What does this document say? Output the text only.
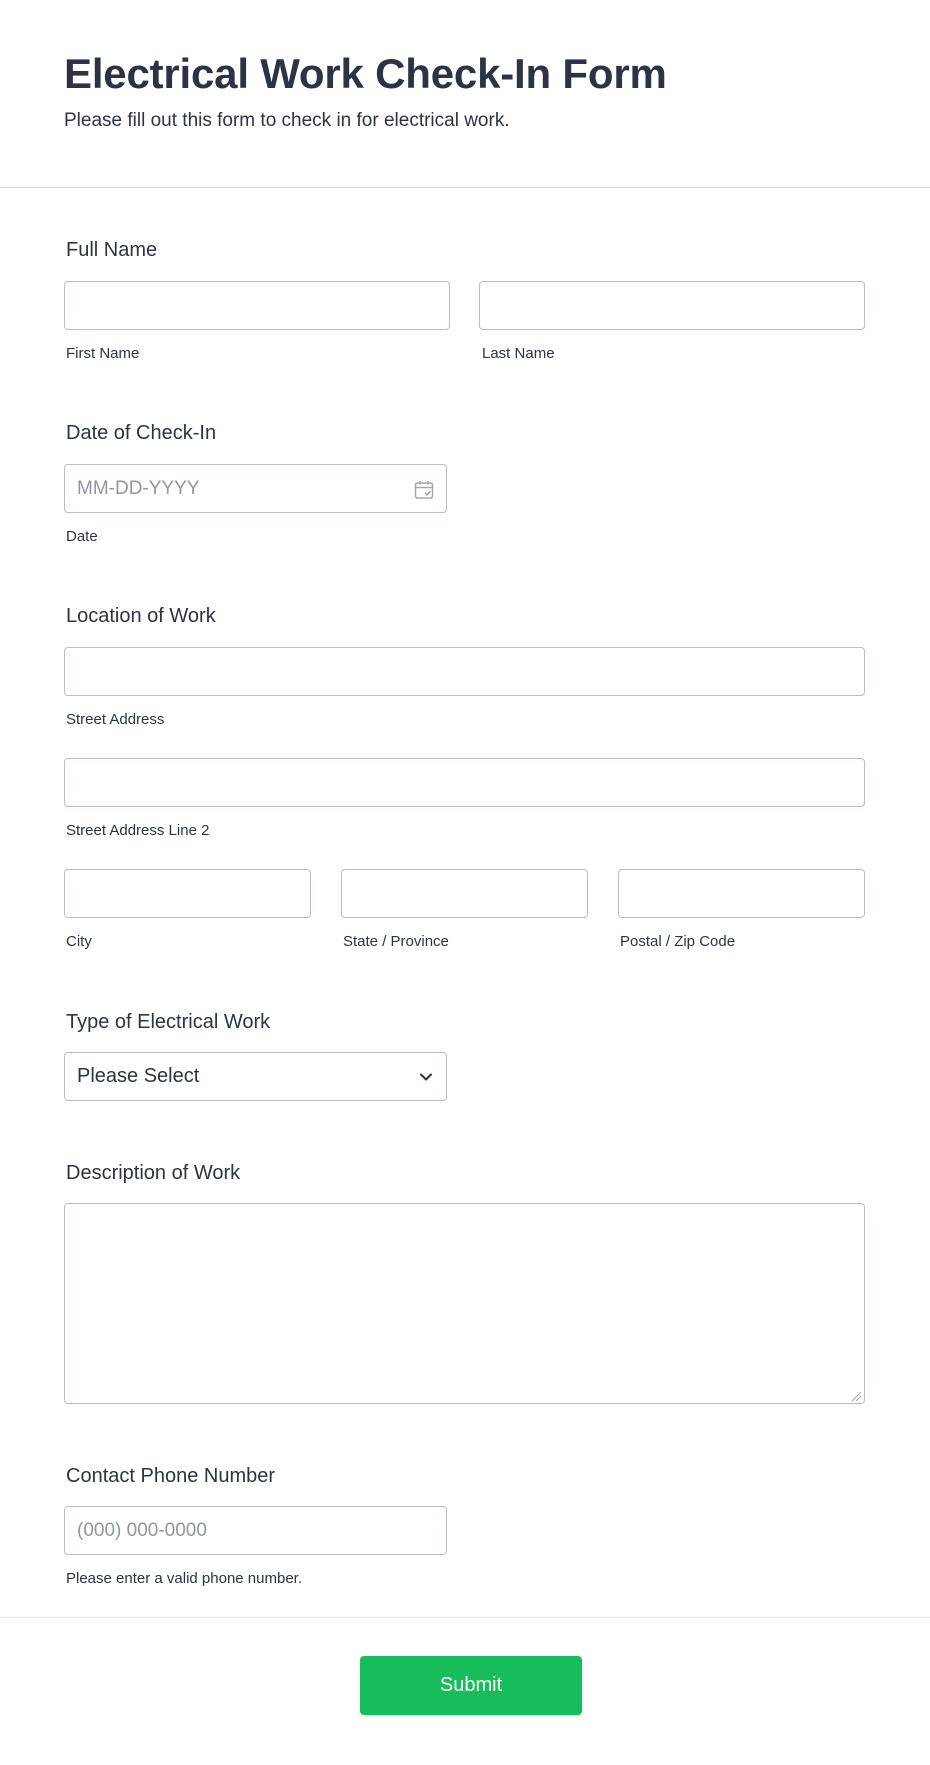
Electrical Work Check-In Form

Please fill out this form to check in for electrical work.

Full Name
First Name	Last Name
Date of Check-In
MM-DD-YYYY
Date
Location of Work
Street Address
Street Address Line 2
City	State / Province	Postal / Zip Code
Type of Electrical Work
Please Select
Description of Work
Contact Phone Number
(000) 000-0000
Please enter a valid phone number.
Submit
